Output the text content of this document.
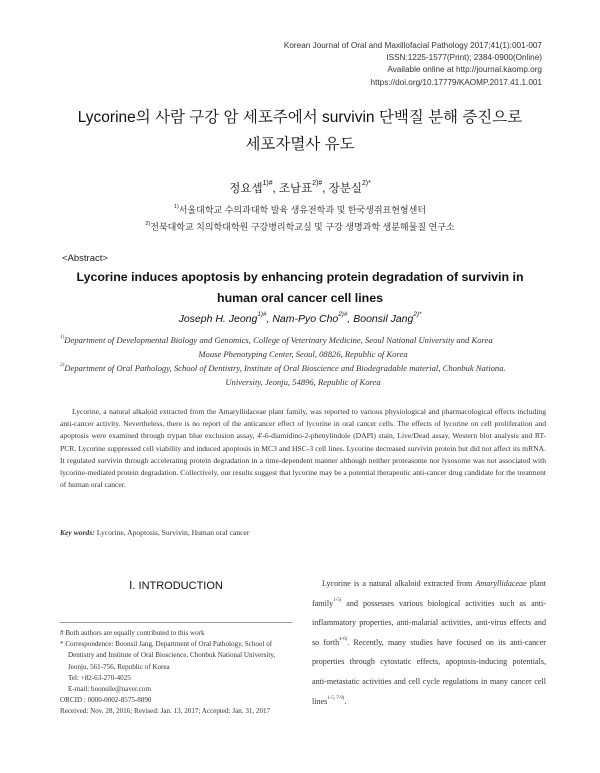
Korean Journal of Oral and Maxillofacial Pathology 2017;41(1):001-007
ISSN:1225-1577(Print); 2384-0900(Online)
Available online at http://journal.kaomp.org
https://doi.org/10.17779/KAOMP.2017.41.1.001
Lycorine의 사람 구강 암 세포주에서 survivin 단백질 분해 증진으로
세포자멸사 유도
정요셉$^{1)\#}$, 조남표$^{2)\#}$, 장분실$^{2)*}$
$^{1)}$서울대학교 수의과대학 발육 생유전학과 및 한국생쥐표현형센터
$^{2)}$전북대학교 치의학대학원 구강병리학교실 및 구강 생명과학 생분해물질 연구소
<Abstract>
Lycorine induces apoptosis by enhancing protein degradation of survivin in
human oral cancer cell lines
Joseph H. Jeong$^{1)\#}$, Nam-Pyo Cho$^{2)\#}$, Boonsil Jang$^{2)*}$
$^{1)}$Department of Developmental Biology and Genomics, College of Veterinary Medicine, Seoul National University and Korea
Mouse Phenotyping Center, Seoul, 08826, Republic of Korea
$^{2)}$Department of Oral Pathology, School of Dentistry, Institute of Oral Bioscience and Biodegradable material, Chonbuk Nationa.
University, Jeonju, 54896, Republic of Korea
Lycorine, a natural alkaloid extracted from the Amaryllidaceae plant family, was reported to various physiological and pharmacological effects including anti-cancer activity. Nevertheless, there is no report of the anticancer effect of lycorine in oral cancer cells. The effects of lycorine on cell proliferation and apoptosis were examined through trypan blue exclusion assay, 4'-6-diamidino-2-phenylindole (DAPI) stain, Live/Dead assay, Western blot analysis and RT-PCR. Lycorine suppressed cell viability and induced apoptosis in MC3 and HSC-3 cell lines. Lycorine decreased survivin protein but did not affect its mRNA. It regulated survivin through accelerating protein degradation in a time-dependent manner although neither proteasome nor lysosome was not associated with lycorine-mediated protein degradation. Collectively, our results suggest that lycorine may be a potential therapeutic anti-cancer drug candidate for the treatment of human oral cancer.
Key words: Lycorine, Apoptosis, Survivin, Human oral cancer
Ⅰ. INTRODUCTION
# Both authors are equally contributed to this work
* Correspondence: Boonsil Jang, Department of Oral Pathology, School of Dentistry and Institute of Oral Bioscience, Chonbuk National University, Jeonju, 561-756, Republic of Korea
Tel: +82-63-270-4025
E-mail: boonsile@naver.com
ORCID : 0000-0002-8575-8890
Received: Nov. 28, 2016; Revised: Jan. 13, 2017; Accepted: Jan. 31, 2017
Lycorine is a natural alkaloid extracted from Amaryllidaceae plant family$^{1-5)}$ and possesses various biological activities such as anti-inflammatory properties, anti-malarial activities, anti-virus effects and so forth$^{4-6)}$. Recently, many studies have focused on its anti-cancer properties through cytostatic effects, apoptosis-inducing potentials, anti-metastatic activities and cell cycle regulations in many cancer cell lines$^{1-5, 7-9)}$.
